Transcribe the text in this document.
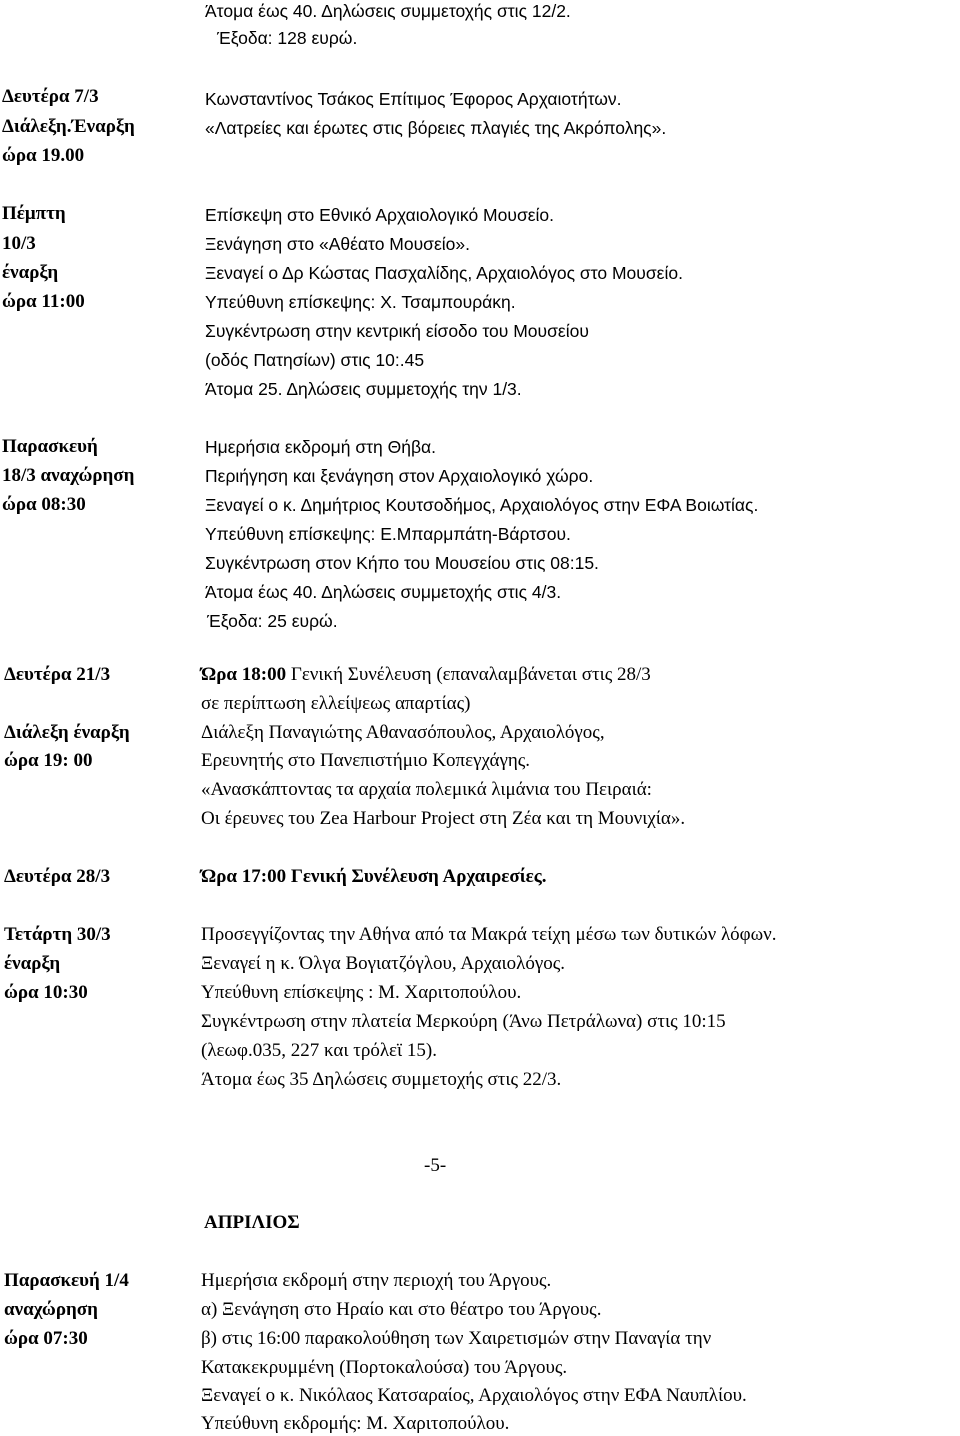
Άτομα έως 40. Δηλώσεις συμμετοχής στις 12/2.
Έξοδα: 128 ευρώ.
Δευτέρα 7/3
Διάλεξη.Έναρξη
ώρα 19.00
Κωνσταντίνος Τσάκος Επίτιμος Έφορος Αρχαιοτήτων.
«Λατρείες και έρωτες στις βόρειες πλαγιές της Ακρόπολης».
Πέμπτη
10/3
έναρξη
ώρα 11:00
Επίσκεψη στο Εθνικό Αρχαιολογικό Μουσείο.
Ξενάγηση στο «Αθέατο Μουσείο».
Ξεναγεί ο Δρ Κώστας Πασχαλίδης, Αρχαιολόγος στο Μουσείο.
Υπεύθυνη επίσκεψης: Χ. Τσαμπουράκη.
Συγκέντρωση στην κεντρική είσοδο του Μουσείου
(οδός Πατησίων) στις 10:.45
Άτομα 25. Δηλώσεις συμμετοχής την 1/3.
Παρασκευή
18/3 αναχώρηση
ώρα 08:30
Ημερήσια εκδρομή στη Θήβα.
Περιήγηση και ξενάγηση στον Αρχαιολογικό χώρο.
Ξεναγεί ο κ. Δημήτριος Κουτσοδήμος, Αρχαιολόγος στην ΕΦΑ Βοιωτίας.
Υπεύθυνη επίσκεψης: Ε.Μπαρμπάτη-Βάρτσου.
Συγκέντρωση στον Κήπο του Μουσείου στις 08:15.
Άτομα έως 40. Δηλώσεις συμμετοχής στις 4/3.
Έξοδα: 25 ευρώ.
Δευτέρα 21/3
Διάλεξη έναρξη
ώρα 19: 00
Ώρα 18:00 Γενική Συνέλευση (επαναλαμβάνεται στις 28/3
σε περίπτωση ελλείψεως απαρτίας)
Διάλεξη Παναγιώτης Αθανασόπουλος, Αρχαιολόγος,
Ερευνητής στο Πανεπιστήμιο Κοπεγχάγης.
«Ανασκάπτοντας τα αρχαία πολεμικά λιμάνια του Πειραιά:
Οι έρευνες του Zea Harbour Project στη Ζέα και τη Μουνιχία».
Δευτέρα 28/3	Ώρα 17:00 Γενική Συνέλευση Αρχαιρεσίες.
Τετάρτη 30/3
έναρξη
ώρα 10:30
Προσεγγίζοντας την Αθήνα από τα Μακρά τείχη μέσω των δυτικών λόφων.
Ξεναγεί η κ. Όλγα Βογιατζόγλου, Αρχαιολόγος.
Υπεύθυνη επίσκεψης : Μ. Χαριτοπούλου.
Συγκέντρωση στην πλατεία Μερκούρη (Άνω Πετράλωνα) στις 10:15
(λεωφ.035, 227 και τρόλεϊ 15).
Άτομα έως 35 Δηλώσεις συμμετοχής στις 22/3.
-5-
ΑΠΡΙΛΙΟΣ
Παρασκευή 1/4
αναχώρηση
ώρα 07:30
Ημερήσια εκδρομή στην περιοχή του Άργους.
α) Ξενάγηση στο Ηραίο και στο θέατρο του Άργους.
β) στις 16:00 παρακολούθηση των Χαιρετισμών στην Παναγία την
Κατακεκρυμμένη (Πορτοκαλούσα) του Άργους.
Ξεναγεί ο κ. Νικόλαος Κατσαραίος, Αρχαιολόγος στην ΕΦΑ Ναυπλίου.
Υπεύθυνη εκδρομής: Μ. Χαριτοπούλου.
